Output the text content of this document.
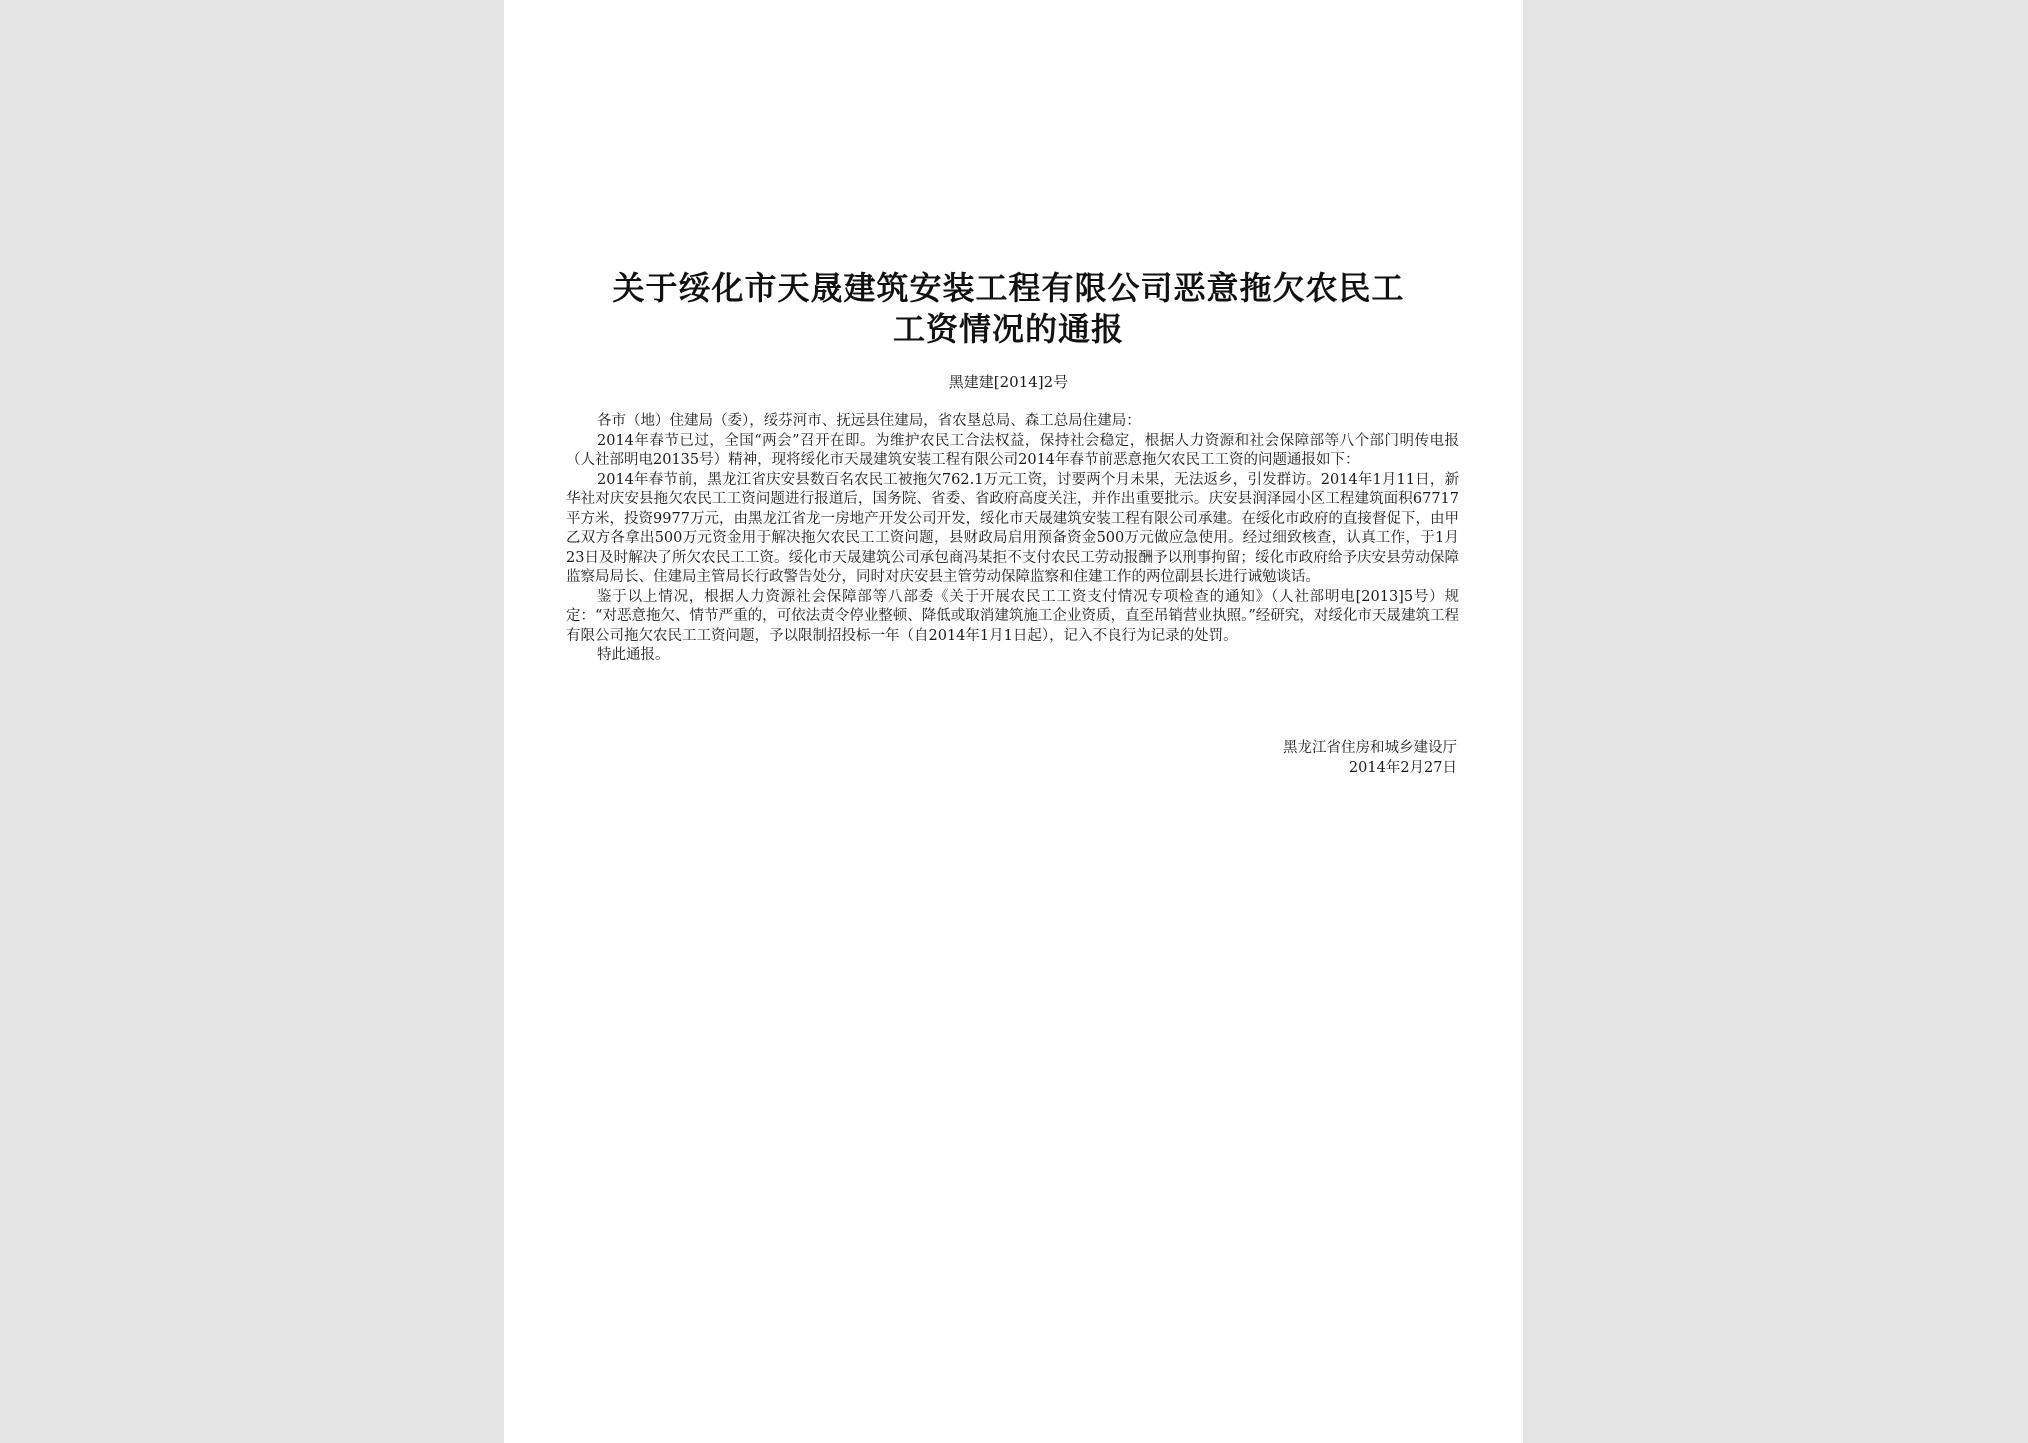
关于绥化市天晟建筑安装工程有限公司恶意拖欠农民工
工资情况的通报
黑建建[2014]2号

各市（地）住建局（委），绥芬河市、抚远县住建局，省农垦总局、森工总局住建局：

2014年春节已过，全国“两会”召开在即。为维护农民工合法权益，保持社会稳定，根据人力资源和社会保障部等八个部门明传电报（人社部明电20135号）精神，现将绥化市天晟建筑安装工程有限公司2014年春节前恶意拖欠农民工工资的问题通报如下：

2014年春节前，黑龙江省庆安县数百名农民工被拖欠762.1万元工资，讨要两个月未果，无法返乡，引发群访。2014年1月11日，新华社对庆安县拖欠农民工工资问题进行报道后，国务院、省委、省政府高度关注，并作出重要批示。庆安县润泽园小区工程建筑面积67717平方米，投资9977万元，由黑龙江省龙一房地产开发公司开发，绥化市天晟建筑安装工程有限公司承建。在绥化市政府的直接督促下，由甲乙双方各拿出500万元资金用于解决拖欠农民工工资问题，县财政局启用预备资金500万元做应急使用。经过细致核查，认真工作，于1月23日及时解决了所欠农民工工资。绥化市天晟建筑公司承包商冯某拒不支付农民工劳动报酬予以刑事拘留；绥化市政府给予庆安县劳动保障监察局局长、住建局主管局长行政警告处分，同时对庆安县主管劳动保障监察和住建工作的两位副县长进行诫勉谈话。

鉴于以上情况，根据人力资源社会保障部等八部委《关于开展农民工工资支付情况专项检查的通知》（人社部明电[2013]5号）规定：“对恶意拖欠、情节严重的，可依法责令停业整顿、降低或取消建筑施工企业资质，直至吊销营业执照。”经研究，对绥化市天晟建筑工程有限公司拖欠农民工工资问题，予以限制招投标一年（自2014年1月1日起），记入不良行为记录的处罚。

特此通报。

黑龙江省住房和城乡建设厅
2014年2月27日
